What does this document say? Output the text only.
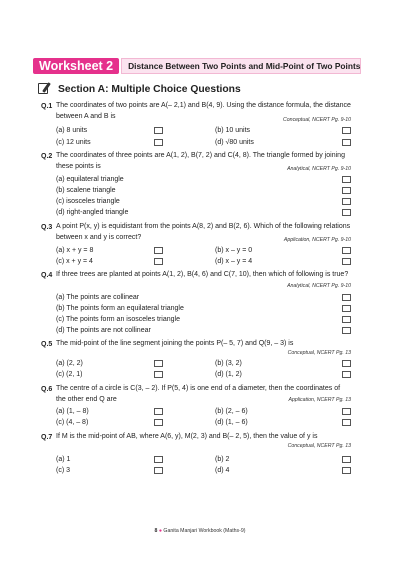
Worksheet 2	Distance Between Two Points and Mid-Point of Two Points
Section A: Multiple Choice Questions
Q.1 The coordinates of two points are A(– 2,1) and B(4, 9). Using the distance formula, the distance between A and B is
Conceptual, NCERT Pg. 9-10
(a) 8 units	(b) 10 units
(c) 12 units	(d) √80 units
Q.2 The coordinates of three points are A(1, 2), B(7, 2) and C(4, 8). The triangle formed by joining these points is	Analytical, NCERT Pg. 9-10
(a) equilateral triangle
(b) scalene triangle
(c) isosceles triangle
(d) right-angled triangle
Q.3 A point P(x, y) is equidistant from the points A(8, 2) and B(2, 6). Which of the following relations between x and y is correct?	Application, NCERT Pg. 9-10
(a) x + y = 8	(b) x – y = 0
(c) x + y = 4	(d) x – y = 4
Q.4 If three trees are planted at points A(1, 2), B(4, 6) and C(7, 10), then which of following is true?
Analytical, NCERT Pg. 9-10
(a) The points are collinear
(b) The points form an equilateral triangle
(c) The points form an isosceles triangle
(d) The points are not collinear
Q.5 The mid-point of the line segment joining the points P(– 5, 7) and Q(9, – 3) is
Conceptual, NCERT Pg. 13
(a) (2, 2)	(b) (3, 2)
(c) (2, 1)	(d) (1, 2)
Q.6 The centre of a circle is C(3, – 2). If P(5, 4) is one end of a diameter, then the coordinates of the other end Q are	Application, NCERT Pg. 13
(a) (1, – 8)	(b) (2, – 6)
(c) (4, – 8)	(d) (1, – 6)
Q.7 If M is the mid-point of AB, where A(6, y), M(2, 3) and B(– 2, 5), then the value of y is
Conceptual, NCERT Pg. 13
(a) 1	(b) 2
(c) 3	(d) 4
8 ● Ganita Manjari Workbook (Maths-9)
